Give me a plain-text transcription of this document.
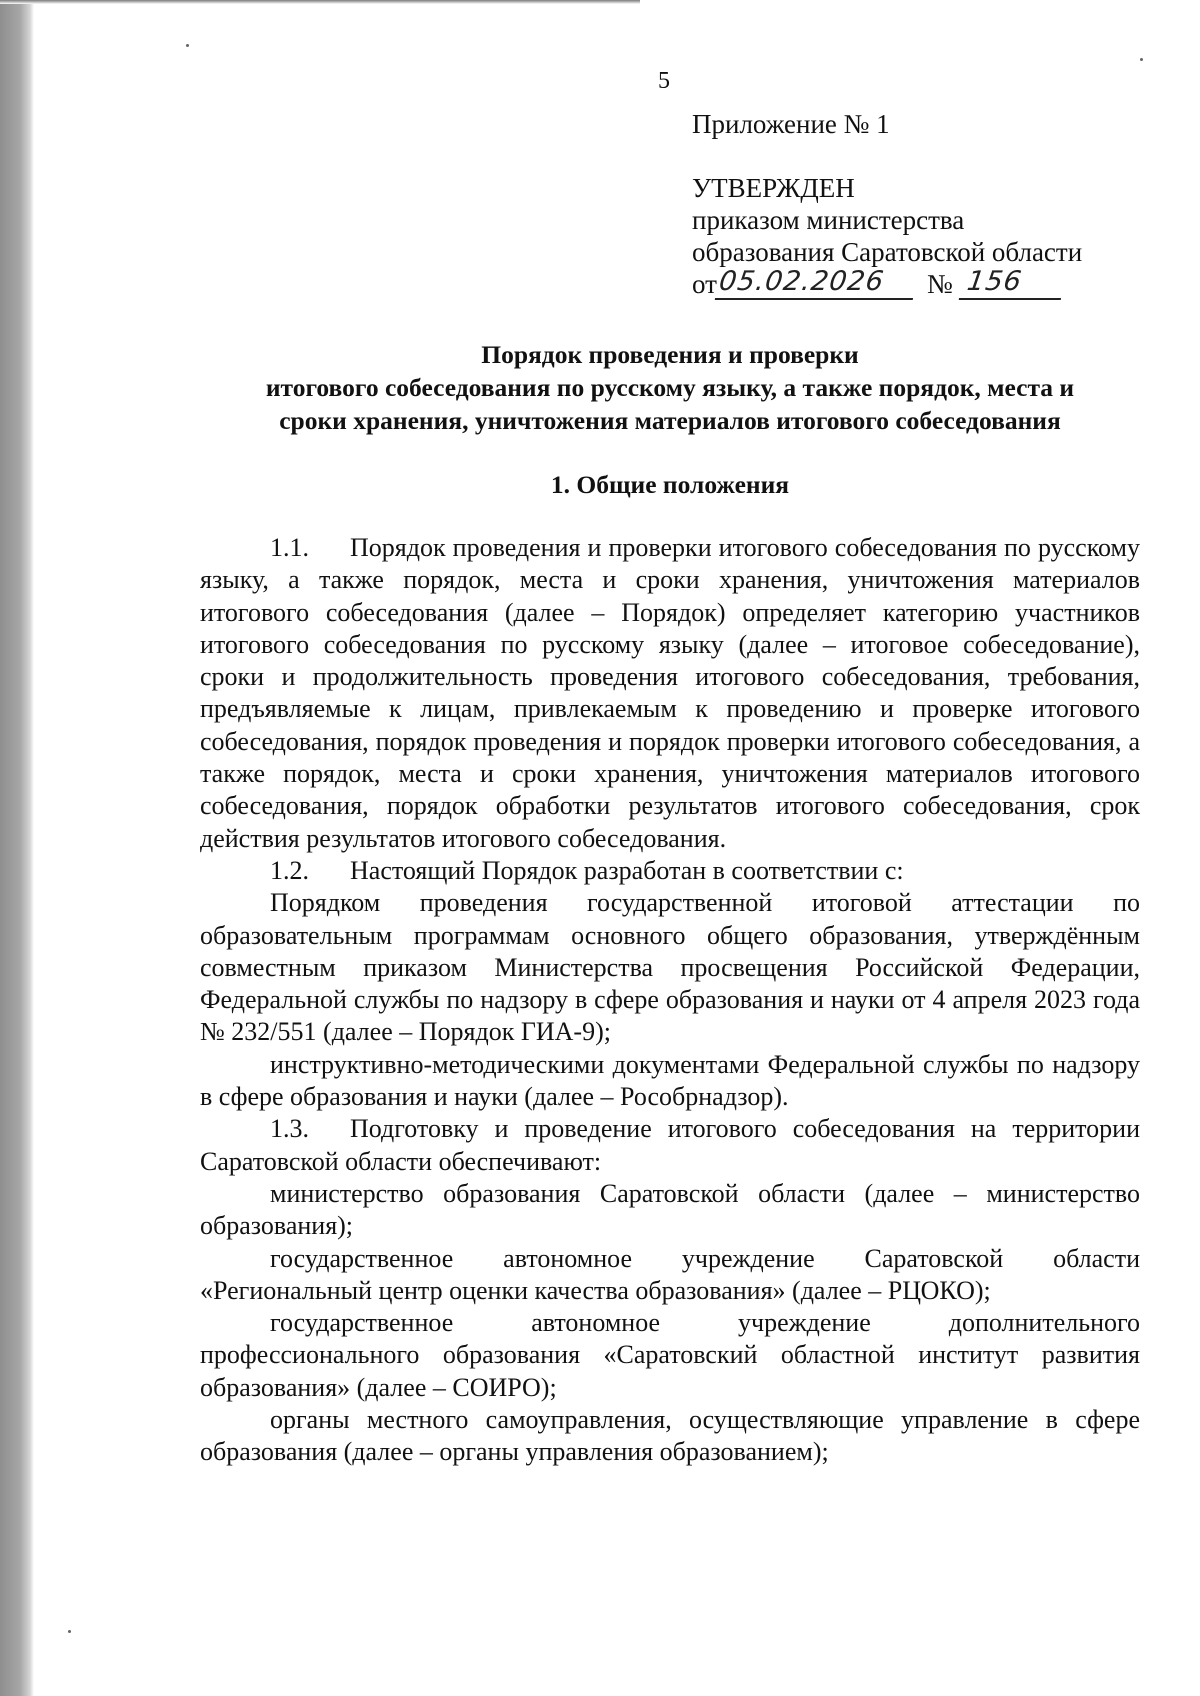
5
Приложение № 1
УТВЕРЖДЕН
приказом министерства
образования Саратовской области
от 05.02.2026	№ 156
Порядок проведения и проверки
итогового собеседования по русскому языку, а также порядок, места и
сроки хранения, уничтожения материалов итогового собеседования
1. Общие положения

1.1. Порядок проведения и проверки итогового собеседования по русскому языку, а также порядок, места и сроки хранения, уничтожения материалов итогового собеседования (далее – Порядок) определяет категорию участников итогового собеседования по русскому языку (далее – итоговое собеседование), сроки и продолжительность проведения итогового собеседования, требования, предъявляемые к лицам, привлекаемым к проведению и проверке итогового собеседования, порядок проведения и порядок проверки итогового собеседования, а также порядок, места и сроки хранения, уничтожения материалов итогового собеседования, порядок обработки результатов итогового собеседования, срок действия результатов итогового собеседования.

1.2. Настоящий Порядок разработан в соответствии с:

Порядком проведения государственной итоговой аттестации по образовательным программам основного общего образования, утверждённым совместным приказом Министерства просвещения Российской Федерации, Федеральной службы по надзору в сфере образования и науки от 4 апреля 2023 года № 232/551 (далее – Порядок ГИА-9);

инструктивно-методическими документами Федеральной службы по надзору в сфере образования и науки (далее – Рособрнадзор).

1.3. Подготовку и проведение итогового собеседования на территории Саратовской области обеспечивают:

министерство образования Саратовской области (далее – министерство образования);

государственное автономное учреждение Саратовской области «Региональный центр оценки качества образования» (далее – РЦОКО);

государственное автономное учреждение дополнительного профессионального образования «Саратовский областной институт развития образования» (далее – СОИРО);

органы местного самоуправления, осуществляющие управление в сфере образования (далее – органы управления образованием);
